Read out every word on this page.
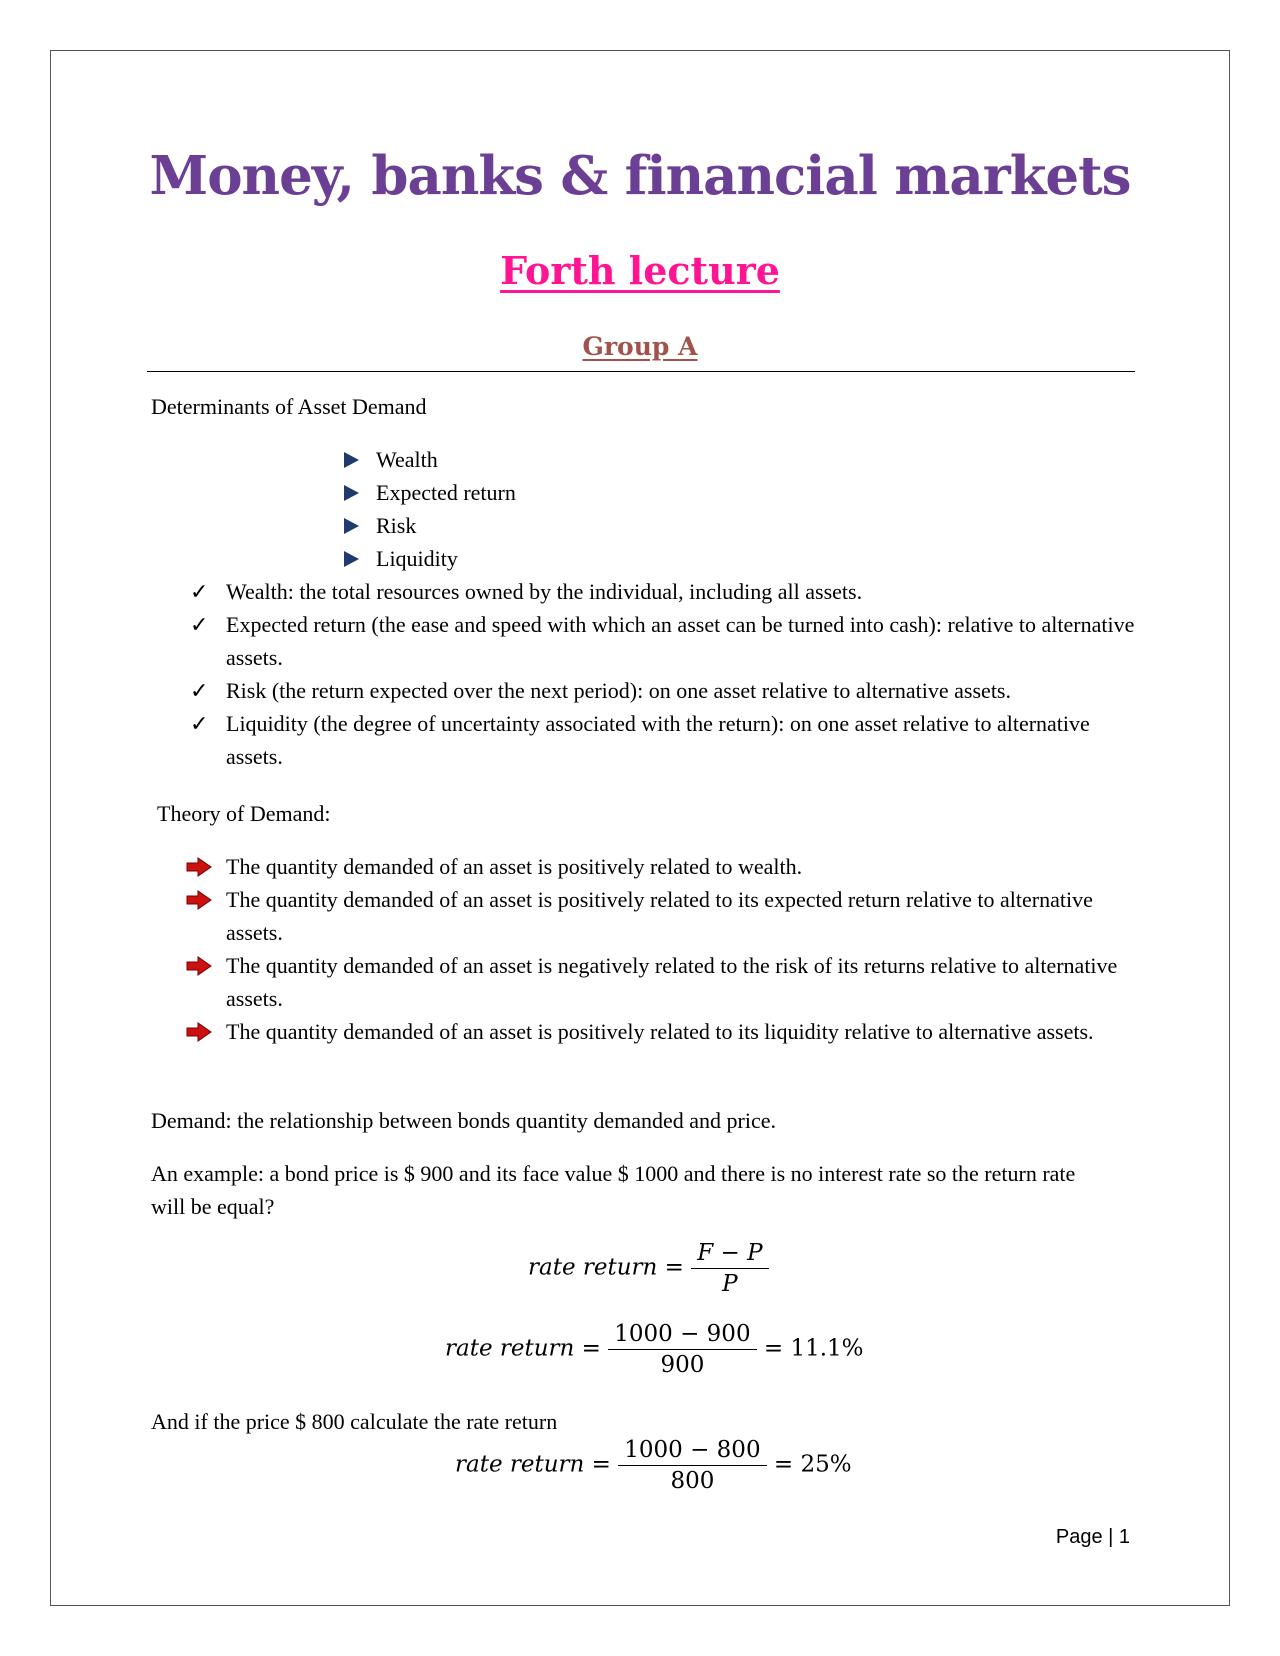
Money, banks & financial markets
Forth lecture
Group A
Determinants of Asset Demand
Wealth
Expected return
Risk
Liquidity
✓ Wealth: the total resources owned by the individual, including all assets.
✓ Expected return (the ease and speed with which an asset can be turned into cash): relative to alternative assets.
✓ Risk (the return expected over the next period): on one asset relative to alternative assets.
✓ Liquidity (the degree of uncertainty associated with the return): on one asset relative to alternative assets.
Theory of Demand:
The quantity demanded of an asset is positively related to wealth.
The quantity demanded of an asset is positively related to its expected return relative to alternative assets.
The quantity demanded of an asset is negatively related to the risk of its returns relative to alternative assets.
The quantity demanded of an asset is positively related to its liquidity relative to alternative assets.
Demand: the relationship between bonds quantity demanded and price.
An example: a bond price is $ 900 and its face value $ 1000 and there is no interest rate so the return rate will be equal?
rate return = $\frac{F - P}{P}$
rate return = $\frac{1000 - 900}{900} = 11.1\%$
And if the price $ 800 calculate the rate return
rate return = $\frac{1000 - 800}{800} = 25\%$
Page | 1
